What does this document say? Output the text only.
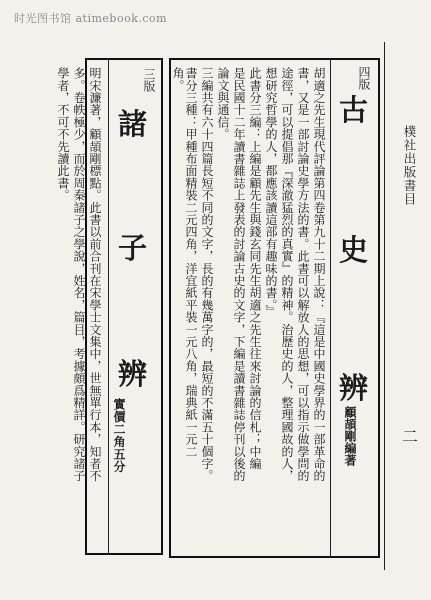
时光图书馆 atimebook.com
樸社出版書目
二
四版
古
史
辨
顧頡剛編著
胡適之先生現代評論第四卷第九十二期上說：『這是中國史學界的一部革命的
書，又是一部討論史學方法的書。此書可以解放人的思想，可以指示做學問的
途徑，可以提倡那『深澈猛烈的真實』的精神。治歷史的人，整理國故的人，
想研究哲學的人，都應該讀這部有趣味的書。』
此書分三編：上編是顧先生與錢玄同先生胡適之先生往來討論的信札；中編
是民國十二年讀書雜誌上發表的討論古史的文字，下編是讀書雜誌停刊以後的
論文與通信。
三編共有六十四篇長短不同的文字，長的有幾萬字的，最短的不滿五十個字。
書分三種：甲種布面精裝二元四角，洋宜紙平裝一元八角，瑞典紙一元二
角。
三版
諸
子
辨
實價二角五分
明宋濂著，顧頡剛標點。此書以前合刊在宋學士文集中，世無單行本，知者不
多。卷帙極少，而於周秦諸子之學說，姓名，篇目，考據頗爲精詳。研究諸子
學者，不可不先讀此書。
